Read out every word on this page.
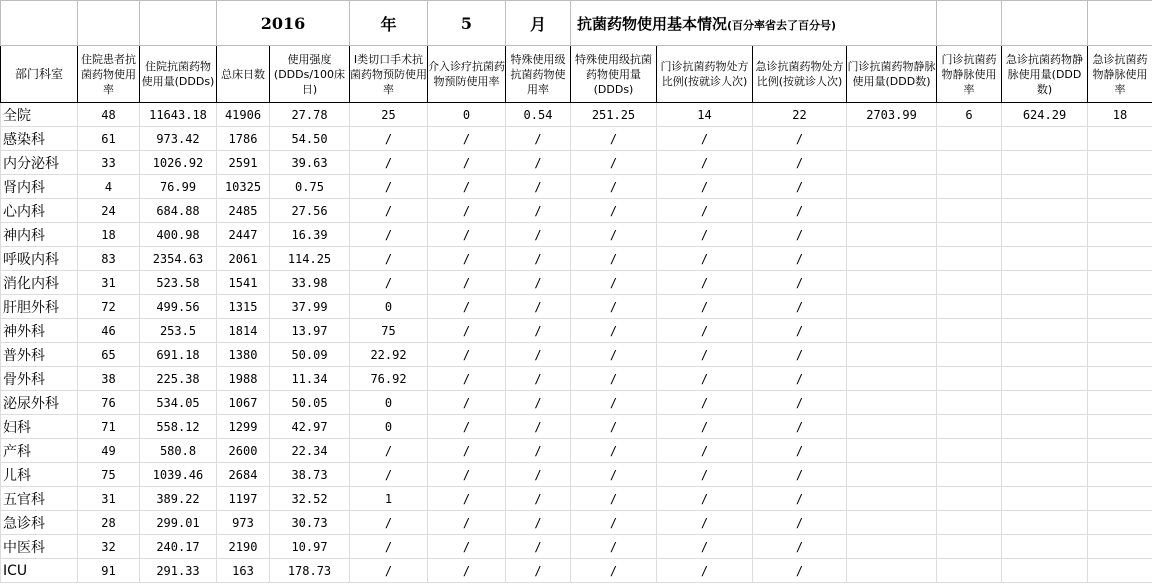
			2016		年	5	月	抗菌药物使用基本情况(百分率省去了百分号)						
部门科室	住院患者抗菌药物使用率	住院抗菌药物使用量(DDDs)	总床日数	使用强度(DDDs/100床日)	I类切口手术抗菌药物预防使用率	介入诊疗抗菌药物预防使用率	特殊使用级抗菌药物使用率	特殊使用级抗菌药物使用量(DDDs)	门诊抗菌药物处方比例(按就诊人次)	急诊抗菌药物处方比例(按就诊人次)	门诊抗菌药物静脉使用量(DDD数)	门诊抗菌药物静脉使用率	急诊抗菌药物静脉使用量(DDD数)	急诊抗菌药物静脉使用率
全院	48	11643.18	41906	27.78	25	0	0.54	251.25	14	22	2703.99	6	624.29	18
感染科	61	973.42	1786	54.50	/	/	/	/	/	/				
内分泌科	33	1026.92	2591	39.63	/	/	/	/	/	/				
肾内科	4	76.99	10325	0.75	/	/	/	/	/	/				
心内科	24	684.88	2485	27.56	/	/	/	/	/	/				
神内科	18	400.98	2447	16.39	/	/	/	/	/	/				
呼吸内科	83	2354.63	2061	114.25	/	/	/	/	/	/				
消化内科	31	523.58	1541	33.98	/	/	/	/	/	/				
肝胆外科	72	499.56	1315	37.99	0	/	/	/	/	/				
神外科	46	253.5	1814	13.97	75	/	/	/	/	/				
普外科	65	691.18	1380	50.09	22.92	/	/	/	/	/				
骨外科	38	225.38	1988	11.34	76.92	/	/	/	/	/				
泌尿外科	76	534.05	1067	50.05	0	/	/	/	/	/				
妇科	71	558.12	1299	42.97	0	/	/	/	/	/				
产科	49	580.8	2600	22.34	/	/	/	/	/	/				
儿科	75	1039.46	2684	38.73	/	/	/	/	/	/				
五官科	31	389.22	1197	32.52	1	/	/	/	/	/				
急诊科	28	299.01	973	30.73	/	/	/	/	/	/				
中医科	32	240.17	2190	10.97	/	/	/	/	/	/				
ICU	91	291.33	163	178.73	/	/	/	/	/	/				
